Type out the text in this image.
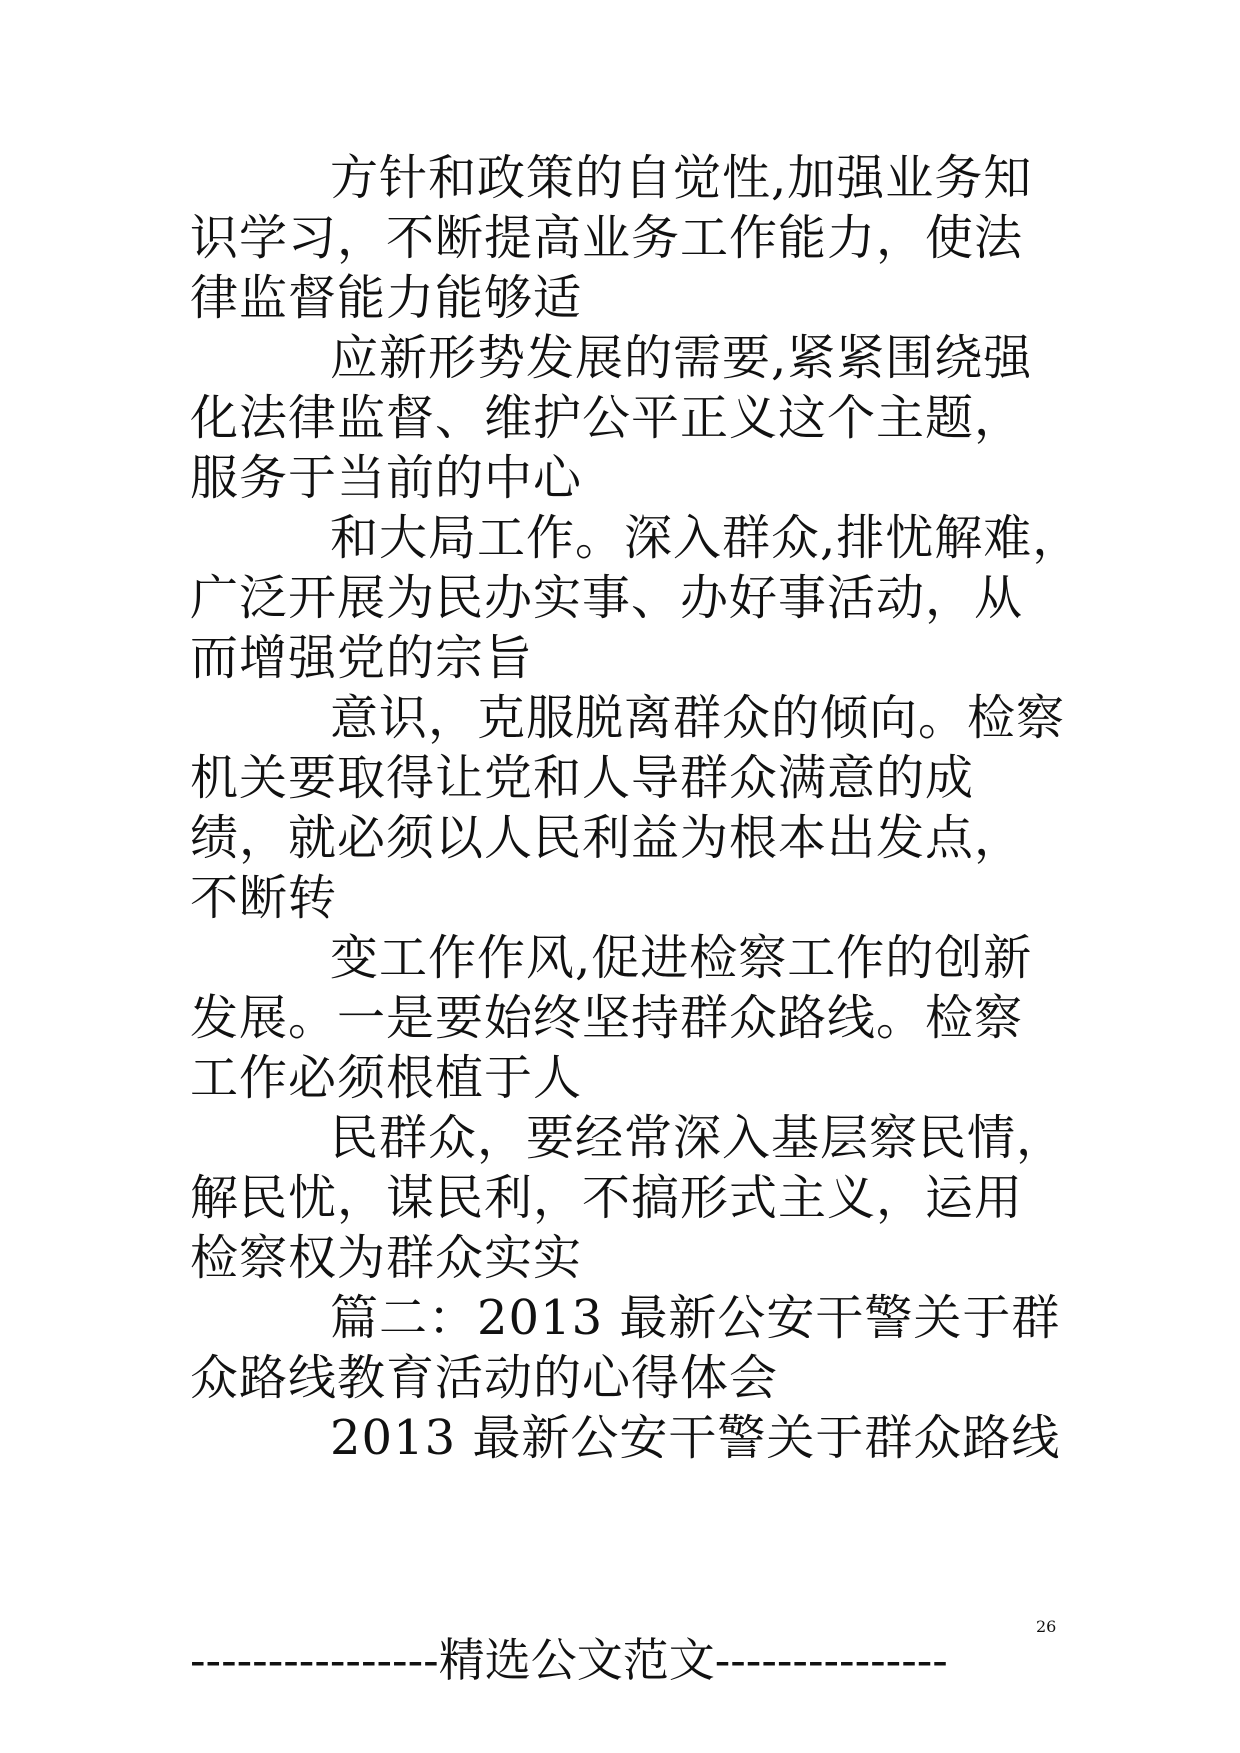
方针和政策的自觉性,加强业务知
识学习，不断提高业务工作能力，使法
律监督能力能够适

应新形势发展的需要,紧紧围绕强
化法律监督、维护公平正义这个主题，
服务于当前的中心

和大局工作。深入群众,排忧解难，
广泛开展为民办实事、办好事活动，从
而增强党的宗旨

意识，克服脱离群众的倾向。检察
机关要取得让党和人导群众满意的成
绩，就必须以人民利益为根本出发点，
不断转

变工作作风,促进检察工作的创新
发展。一是要始终坚持群众路线。检察
工作必须根植于人

民群众，要经常深入基层察民情，
解民忧，谋民利，不搞形式主义，运用
检察权为群众实实

篇二：2013 最新公安干警关于群
众路线教育活动的心得体会

2013 最新公安干警关于群众路线

26
----------------精选公文范文---------------
